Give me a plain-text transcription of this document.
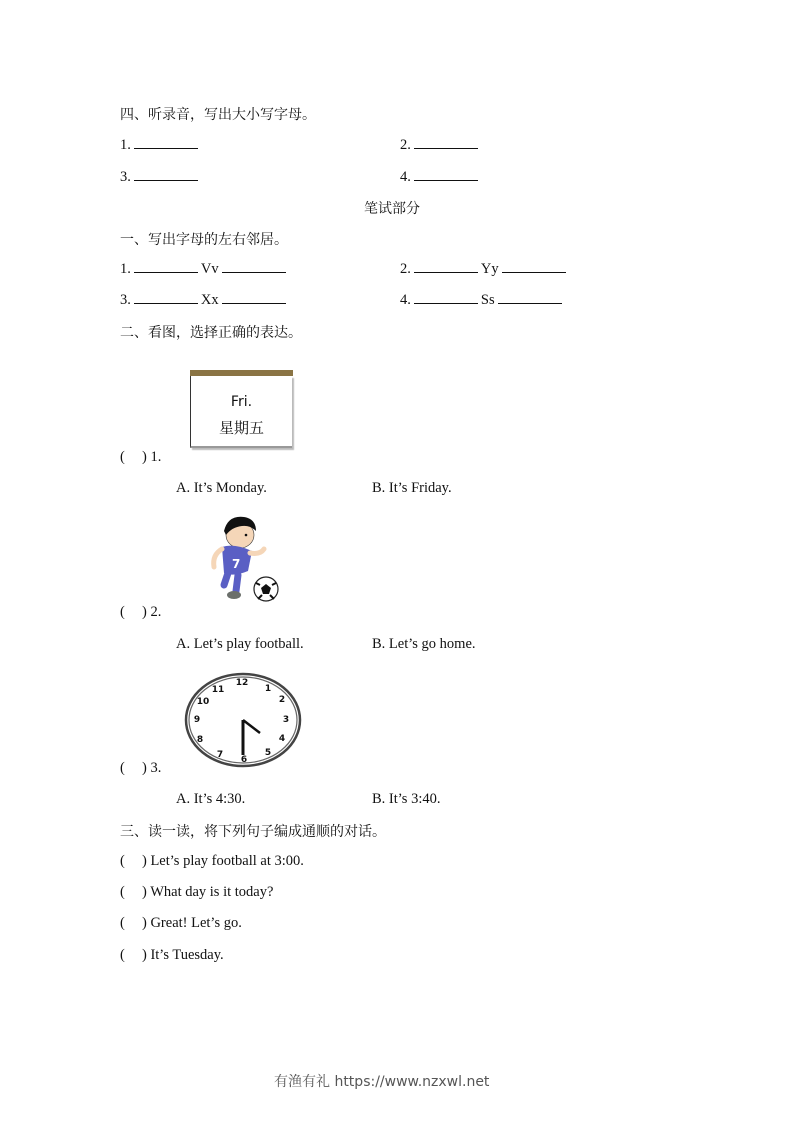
四、听录音，写出大小写字母。
1.	2.
3.	4.
笔试部分
一、写出字母的左右邻居。
1.	Vv	2.	Yy
3.	Xx	4.	Ss
二、看图，选择正确的表达。
Fri.
星期五
( ) 1.
A. It’s Monday.	B. It’s Friday.
7
( ) 2.
A. Let’s play football.	B. Let’s go home.
12
1
2
3
4
5
6
7
8
9
10
11
( ) 3.
A. It’s 4:30.	B. It’s 3:40.
三、读一读，将下列句子编成通顺的对话。
( ) Let’s play football at 3:00.
( ) What day is it today?
( ) Great! Let’s go.
( ) It’s Tuesday.
有渔有礼 https://www.nzxwl.net
